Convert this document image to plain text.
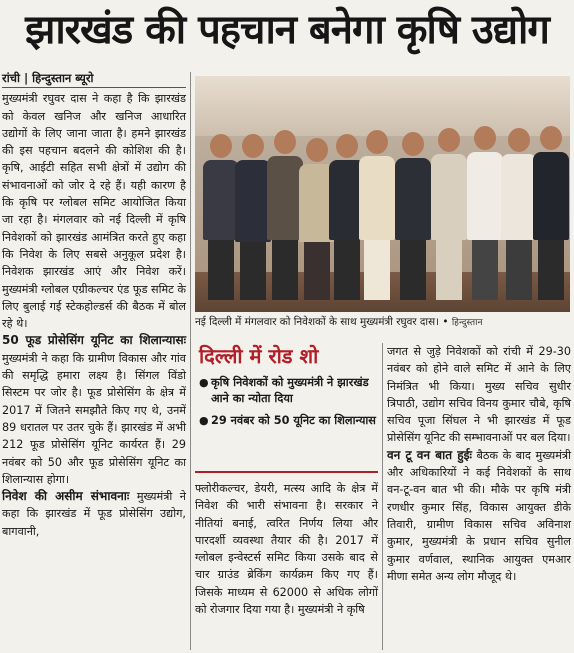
झारखंड की पहचान बनेगा कृषि उद्योग

रांची | हिन्दुस्तान ब्यूरो

मुख्यमंत्री रघुवर दास ने कहा है कि झारखंड को केवल खनिज और खनिज आधारित उद्योगों के लिए जाना जाता है। हमने झारखंड की इस पहचान बदलने की कोशिश की है। कृषि, आईटी सहित सभी क्षेत्रों में उद्योग की संभावनाओं को जोर दे रहे हैं। यही कारण है कि कृषि पर ग्लोबल समिट आयोजित किया जा रहा है। मंगलवार को नई दिल्ली में कृषि निवेशकों को झारखंड आमंत्रित करते हुए कहा कि निवेश के लिए सबसे अनुकूल प्रदेश है। निवेशक झारखंड आएं और निवेश करें। मुख्यमंत्री ग्लोबल एग्रीकल्चर एंड फूड समिट के लिए बुलाई गई स्टेकहोल्डर्स की बैठक में बोल रहे थे।

50 फूड प्रोसेसिंग यूनिट का शिलान्यासः मुख्यमंत्री ने कहा कि ग्रामीण विकास और गांव की समृद्धि हमारा लक्ष्य है। सिंगल विंडो सिस्टम पर जोर है। फूड प्रोसेसिंग के क्षेत्र में 2017 में जितने समझौते किए गए थे, उनमें 89 धरातल पर उतर चुके हैं। झारखंड में अभी 212 फूड प्रोसेसिंग यूनिट कार्यरत हैं। 29 नवंबर को 50 और फूड प्रोसेसिंग यूनिट का शिलान्यास होगा।

निवेश की असीम संभावनाः मुख्यमंत्री ने कहा कि झारखंड में फूड प्रोसेसिंग उद्योग, बागवानी,

नई दिल्ली में मंगलवार को निवेशकों के साथ मुख्यमंत्री रघुवर दास। • हिन्दुस्तान
दिल्ली में रोड शो
● कृषि निवेशकों को मुख्यमंत्री ने झारखंड आने का न्योता दिया
● 29 नवंबर को 50 यूनिट का शिलान्यास

फ्लोरीकल्चर, डेयरी, मत्स्य आदि के क्षेत्र में निवेश की भारी संभावना है। सरकार ने नीतियां बनाई, त्वरित निर्णय लिया और पारदर्शी व्यवस्था तैयार की है। 2017 में ग्लोबल इन्वेस्टर्स समिट किया उसके बाद से चार ग्राउंड ब्रेकिंग कार्यक्रम किए गए हैं। जिसके माध्यम से 62000 से अधिक लोगों को रोजगार दिया गया है। मुख्यमंत्री ने कृषि

जगत से जुड़े निवेशकों को रांची में 29-30 नवंबर को होने वाले समिट में आने के लिए निमंत्रित भी किया। मुख्य सचिव सुधीर त्रिपाठी, उद्योग सचिव विनय कुमार चौबे, कृषि सचिव पूजा सिंघल ने भी झारखंड में फूड प्रोसेसिंग यूनिट की सम्भावनाओं पर बल दिया।

वन टू वन बात हुईः बैठक के बाद मुख्यमंत्री और अधिकारियों ने कई निवेशकों के साथ वन-टू-वन बात भी की। मौके पर कृषि मंत्री रणधीर कुमार सिंह, विकास आयुक्त डीके तिवारी, ग्रामीण विकास सचिव अविनाश कुमार, मुख्यमंत्री के प्रधान सचिव सुनील कुमार वर्णवाल, स्थानिक आयुक्त एमआर मीणा समेत अन्य लोग मौजूद थे।
